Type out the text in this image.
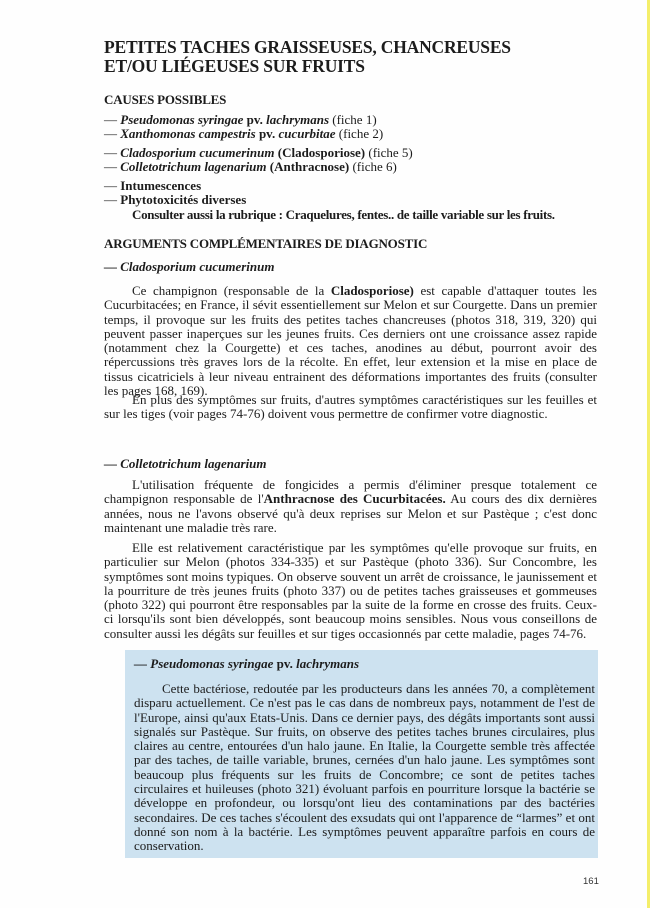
PETITES TACHES GRAISSEUSES, CHANCREUSES
ET/OU LIÉGEUSES SUR FRUITS
CAUSES POSSIBLES
— Pseudomonas syringae pv. lachrymans (fiche 1)
— Xanthomonas campestris pv. cucurbitae (fiche 2)
— Cladosporium cucumerinum (Cladosporiose) (fiche 5)
— Colletotrichum lagenarium (Anthracnose) (fiche 6)
— Intumescences
— Phytotoxicités diverses
Consulter aussi la rubrique : Craquelures, fentes.. de taille variable sur les fruits.
ARGUMENTS COMPLÉMENTAIRES DE DIAGNOSTIC
— Cladosporium cucumerinum

Ce champignon (responsable de la Cladosporiose) est capable d'attaquer toutes les Cucurbitacées; en France, il sévit essentiellement sur Melon et sur Courgette. Dans un premier temps, il provoque sur les fruits des petites taches chancreuses (photos 318, 319, 320) qui peuvent passer inaperçues sur les jeunes fruits. Ces derniers ont une croissance assez rapide (notamment chez la Courgette) et ces taches, anodines au début, pourront avoir des répercussions très graves lors de la récolte. En effet, leur extension et la mise en place de tissus cicatriciels à leur niveau entrainent des déformations importantes des fruits (consulter les pages 168, 169).

En plus des symptômes sur fruits, d'autres symptômes caractéristiques sur les feuilles et sur les tiges (voir pages 74-76) doivent vous permettre de confirmer votre diagnostic.

— Colletotrichum lagenarium

L'utilisation fréquente de fongicides a permis d'éliminer presque totalement ce champignon responsable de l'Anthracnose des Cucurbitacées. Au cours des dix dernières années, nous ne l'avons observé qu'à deux reprises sur Melon et sur Pastèque ; c'est donc maintenant une maladie très rare.

Elle est relativement caractéristique par les symptômes qu'elle provoque sur fruits, en particulier sur Melon (photos 334-335) et sur Pastèque (photo 336). Sur Concombre, les symptômes sont moins typiques. On observe souvent un arrêt de croissance, le jaunissement et la pourriture de très jeunes fruits (photo 337) ou de petites taches graisseuses et gommeuses (photo 322) qui pourront être responsables par la suite de la forme en crosse des fruits. Ceux-ci lorsqu'ils sont bien développés, sont beaucoup moins sensibles. Nous vous conseillons de consulter aussi les dégâts sur feuilles et sur tiges occasionnés par cette maladie, pages 74-76.

— Pseudomonas syringae pv. lachrymans

Cette bactériose, redoutée par les producteurs dans les années 70, a complètement disparu actuellement. Ce n'est pas le cas dans de nombreux pays, notamment de l'est de l'Europe, ainsi qu'aux Etats-Unis. Dans ce dernier pays, des dégâts importants sont aussi signalés sur Pastèque. Sur fruits, on observe des petites taches brunes circulaires, plus claires au centre, entourées d'un halo jaune. En Italie, la Courgette semble très affectée par des taches, de taille variable, brunes, cernées d'un halo jaune. Les symptômes sont beaucoup plus fréquents sur les fruits de Concombre; ce sont de petites taches circulaires et huileuses (photo 321) évoluant parfois en pourriture lorsque la bactérie se développe en profondeur, ou lorsqu'ont lieu des contaminations par des bactéries secondaires. De ces taches s'écoulent des exsudats qui ont l'apparence de “larmes” et ont donné son nom à la bactérie. Les symptômes peuvent apparaître parfois en cours de conservation.

161
